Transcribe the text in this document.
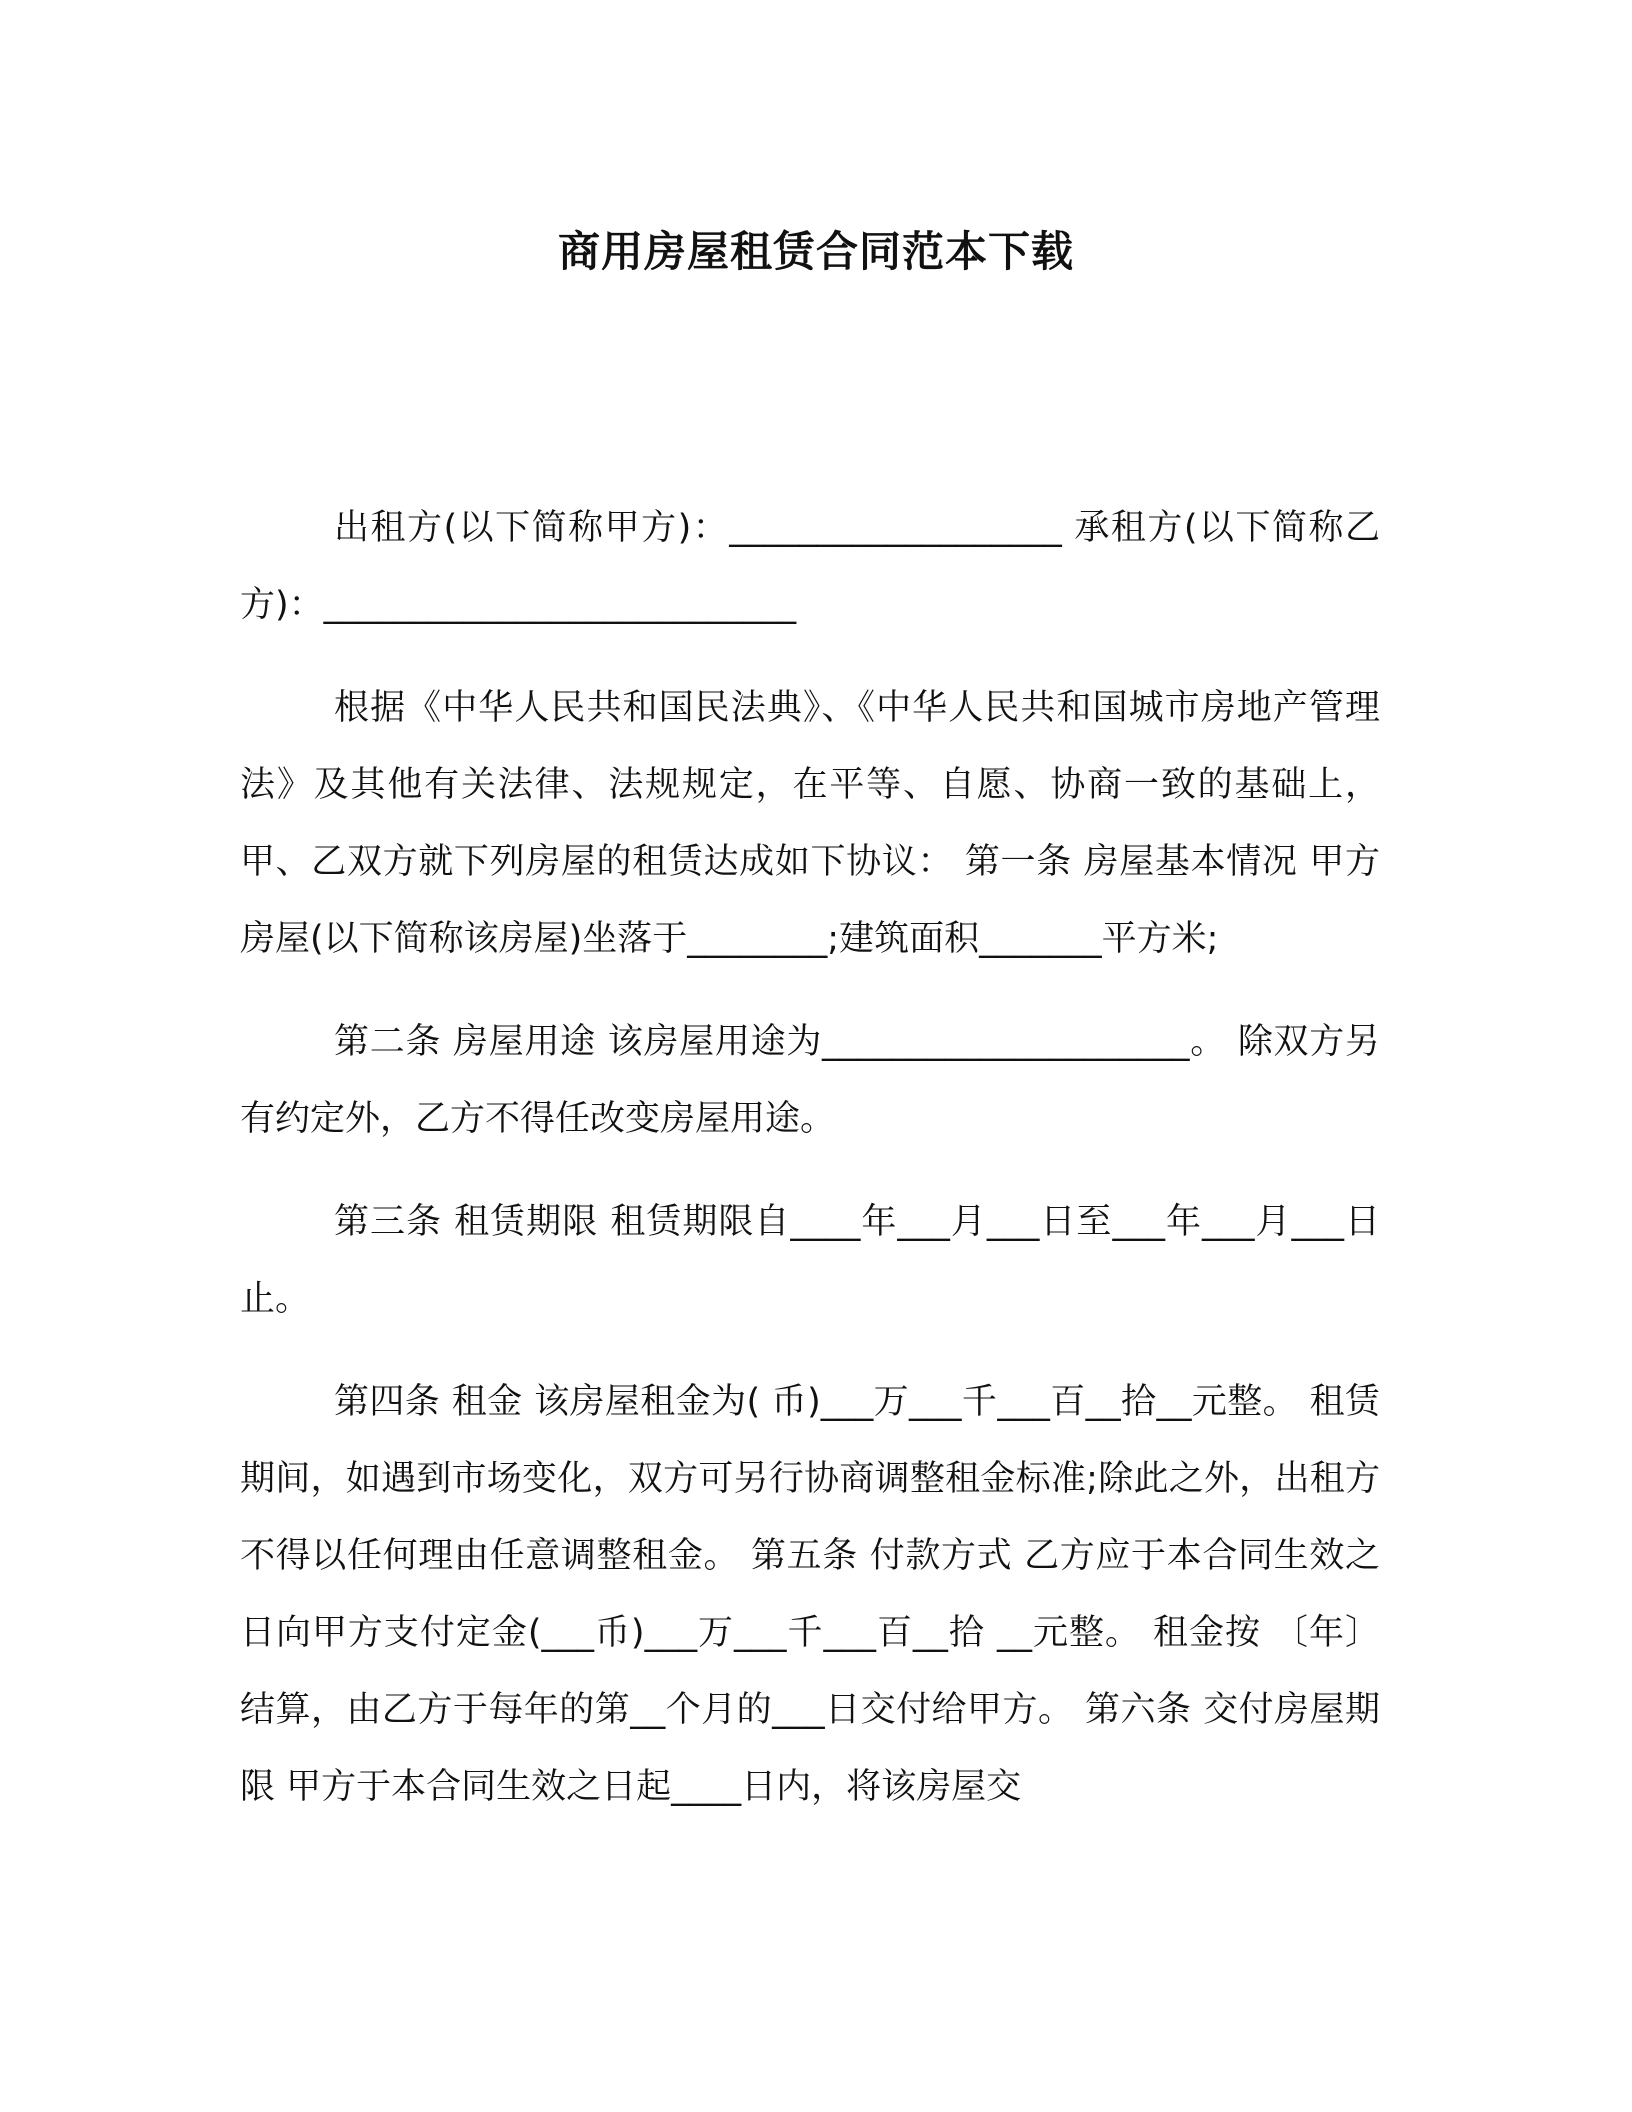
商用房屋租赁合同范本下载

出租方(以下简称甲方)：___________________ 承租方(以下简称乙方)：___________________________

根据《中华人民共和国民法典》、《中华人民共和国城市房地产管理法》及其他有关法律、法规规定，在平等、自愿、协商一致的基础上，甲、乙双方就下列房屋的租赁达成如下协议： 第一条 房屋基本情况 甲方房屋(以下简称该房屋)坐落于________;建筑面积_______平方米;

第二条 房屋用途 该房屋用途为_____________________。 除双方另有约定外，乙方不得任改变房屋用途。

第三条 租赁期限 租赁期限自____年___月___日至___年___月___日止。

第四条 租金 该房屋租金为( 币)___万___千___百__拾__元整。 租赁期间，如遇到市场变化，双方可另行协商调整租金标准;除此之外，出租方不得以任何理由任意调整租金。 第五条 付款方式 乙方应于本合同生效之日向甲方支付定金(___币)___万___千___百__拾 __元整。 租金按 〔年〕 结算，由乙方于每年的第__个月的___日交付给甲方。 第六条 交付房屋期限 甲方于本合同生效之日起____日内，将该房屋交
